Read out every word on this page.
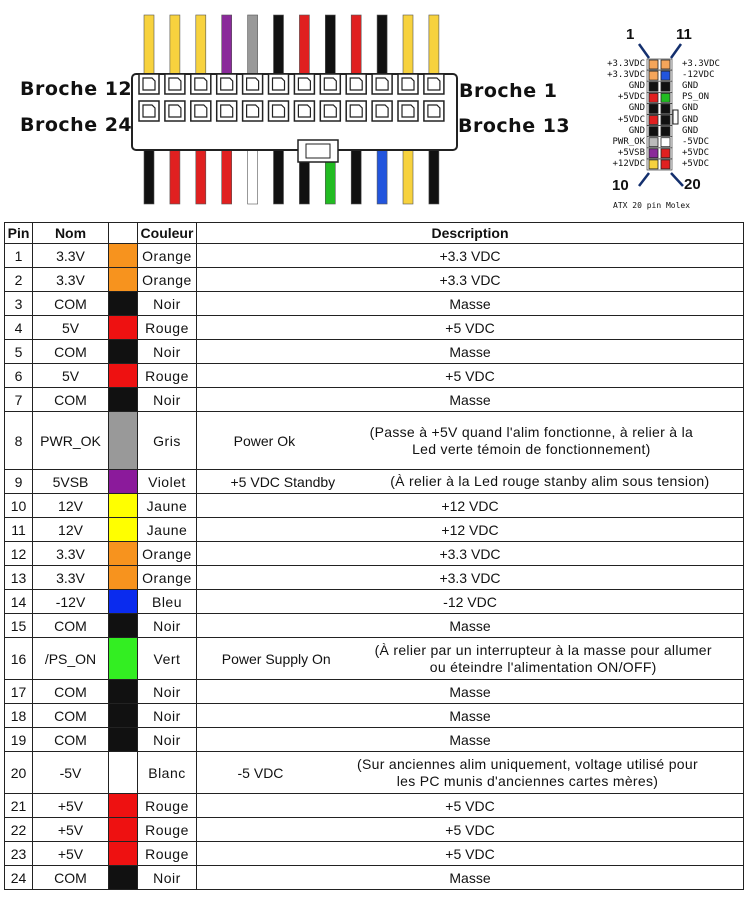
Broche 12
Broche 24
Broche 1
Broche 13
1	11
+3.3VDC
+3.3VDC
GND
+5VDC
GND
+5VDC
GND
PWR_OK
+5VSB
+12VDC
+3.3VDC
-12VDC
GND
PS_ON
GND
GND
GND
-5VDC
+5VDC
+5VDC
10	20
ATX 20 pin Molex
Pin	Nom		Couleur	Description
1	3.3V		Orange	+3.3 VDC
2	3.3V		Orange	+3.3 VDC
3	COM		Noir	Masse
4	5V		Rouge	+5 VDC
5	COM		Noir	Masse
6	5V		Rouge	+5 VDC
7	COM		Noir	Masse
8	PWR_OK		Gris	Power Ok
(Passe à +5V quand l'alim fonctionne, à relier à la Led verte témoin de fonctionnement)

9	5VSB		Violet	+5 VDC Standby (À relier à la Led rouge stanby alim sous tension)

10	12V		Jaune	+12 VDC
11	12V		Jaune	+12 VDC
12	3.3V		Orange	+3.3 VDC
13	3.3V		Orange	+3.3 VDC
14	-12V		Bleu	-12 VDC
15	COM		Noir	Masse
16	/PS_ON		Vert	Power Supply On
(À relier par un interrupteur à la masse pour allumer ou éteindre l'alimentation ON/OFF)

17	COM		Noir	Masse
18	COM		Noir	Masse
19	COM		Noir	Masse
20	-5V		Blanc	-5 VDC
(Sur anciennes alim uniquement, voltage utilisé pour les PC munis d'anciennes cartes mères)

21	+5V		Rouge	+5 VDC
22	+5V		Rouge	+5 VDC
23	+5V		Rouge	+5 VDC
24	COM		Noir	Masse
